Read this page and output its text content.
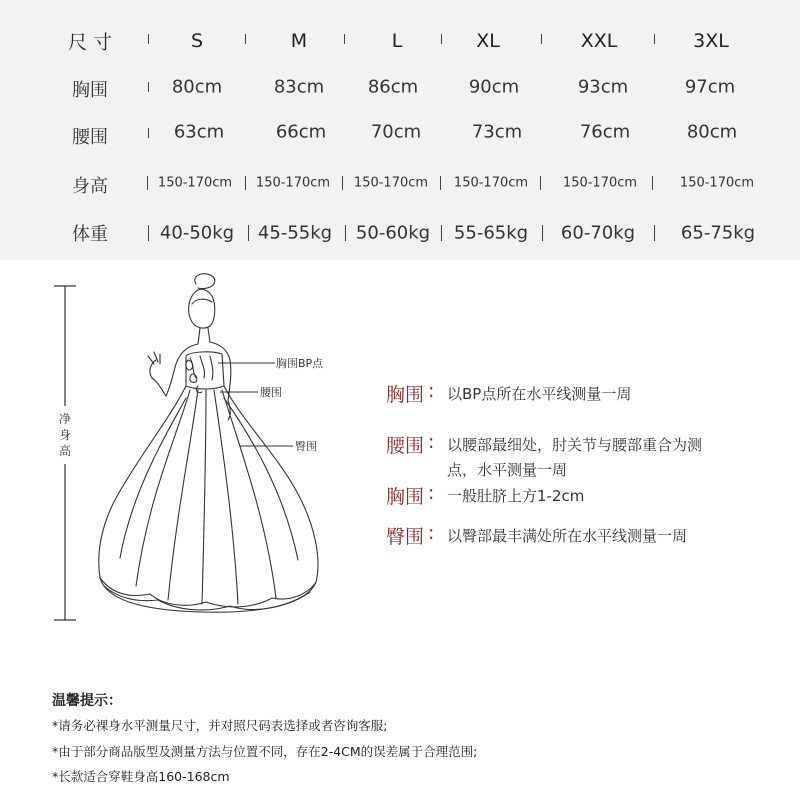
尺 寸	S	M	L	XL	XXL	3XL
胸围	80cm	83cm 86cm	90cm	93cm	97cm
腰围	63cm	66cm 70cm	73cm	76cm	80cm
身高	150-170cm 150-170cm 150-170cm 150-170cm	150-170cm	150-170cm
体重	40-50kg 45-55kg 50-60kg 55-65kg 60-70kg	65-75kg
净
身
高
胸围BP点
腰围
臀围
胸围 : 以BP点所在水平线测量一周
腰围 : 以腰部最细处，肘关节与腰部重合为测
点，水平测量一周
胸围 : 一般肚脐上方1-2cm
臀围 : 以臀部最丰满处所在水平线测量一周
温馨提示：
*请务必裸身水平测量尺寸，并对照尺码表选择或者咨询客服;
*由于部分商品版型及测量方法与位置不同，存在2-4CM的误差属于合理范围;
*长款适合穿鞋身高160-168cm
